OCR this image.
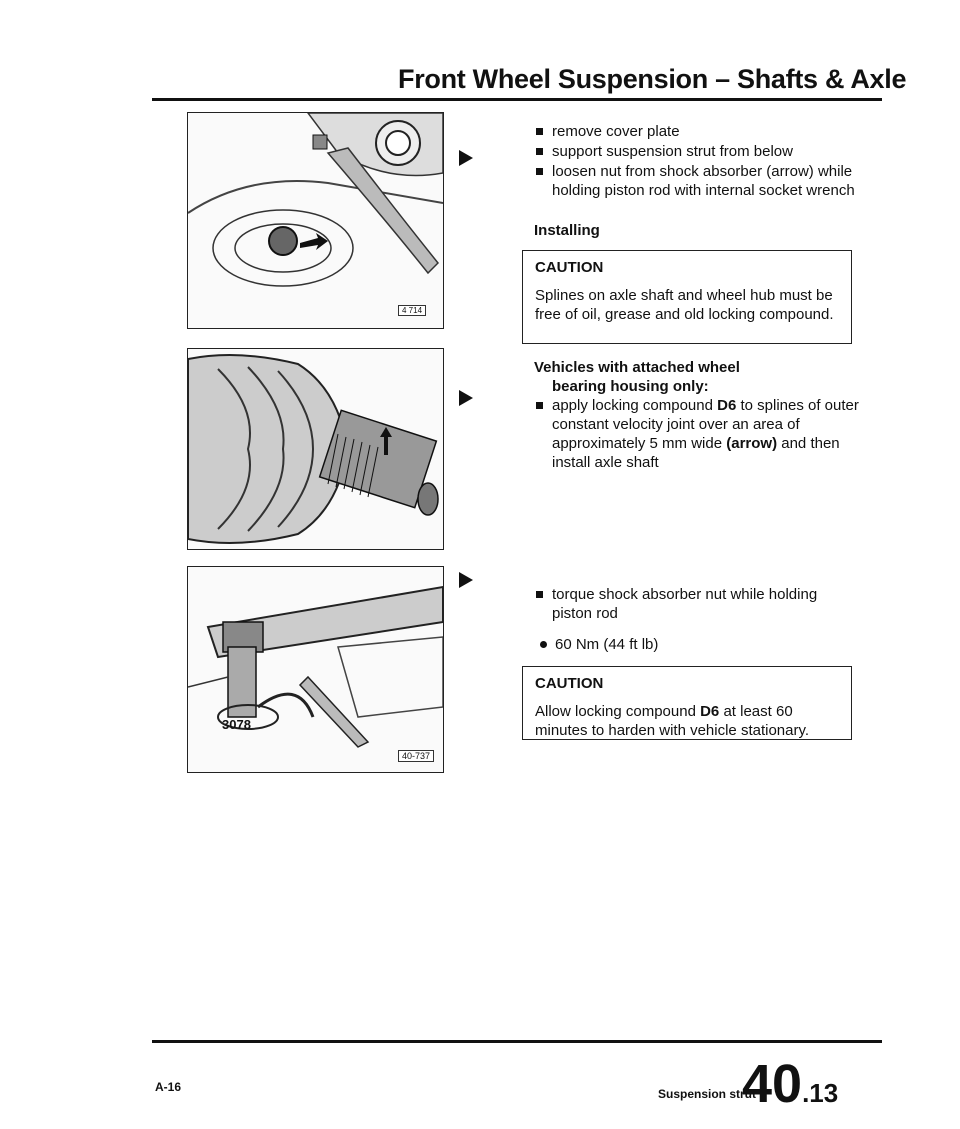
Front Wheel Suspension – Shafts & Axle
4 714
3078
40-737
remove cover plate
support suspension strut from below
loosen nut from shock absorber (arrow) while holding piston rod with internal socket wrench
Installing
CAUTION
Splines on axle shaft and wheel hub must be free of oil, grease and old locking compound.
Vehicles with attached wheel
bearing housing only:
apply locking compound D6 to splines of outer constant velocity joint over an area of approximately 5 mm wide (arrow) and then install axle shaft
torque shock absorber nut while holding piston rod
60 Nm (44 ft lb)
CAUTION
Allow locking compound D6 at least 60 minutes to harden with vehicle stationary.
A-16	Suspension strut
40.13
